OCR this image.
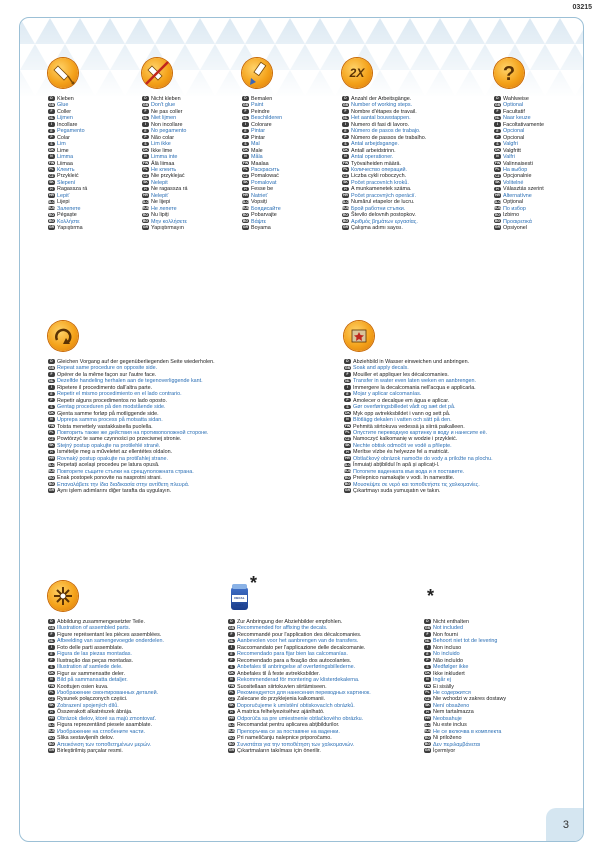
03215
D Kleben
GB Glue
F Coller
NL Lijmen
I Incollare
E Pegamento
P Colar
S Lim
DK Lime
N Limma
FIN Liimaa
PL Клеить
CZ Przykleić
SK Slepení
H Ragassza rá
HR Lepiť
SLO Lijepi
RUS Залепете
RO Pégaște
BG Κολλήστε
GR Yapıştırma
D Nicht kleben
GB Don't glue
F Ne pas coller
NL Niet lijmen
I Non incollare
E No pegamento
P Não colar
S Lim ikke
DK Ikke lime
N Limma inte
FIN Älä liimaa
PL Не клеить
CZ Nie przyklejać
SK Nelepit
H Ne ragassza rá
HR Nelepiť
SLO Ne lijepi
RUS Не лепете
RO Nu lipiți
BG Μην κολλήσετε
GR Yapıştırmayın
D Bemalen
GB Paint
F Peindre
NL Beschilderen
I Colorare
E Pintar
P Pintar
S Mal
DK Male
N Måla
FIN Maalaa
PL Раскрасить
CZ Pomalować
SK Pomalovat
H Fesse be
HR Natrieť
SLO Vopsiți
RUS Боядисайте
RO Pobarvajte
BG Βάψτε
GR Boyama
2X
D Anzahl der Arbeitsgänge.
GB Number of working steps.
F Nombre d'étapes de travail.
NL Het aantal bouwstappen.
I Numero di fasi di lavoro.
E Número de pasos de trabajo.
P Número de passos de trabalho.
S Antal arbejdsgange.
DK Antall arbeidstrinn.
N Antal operationer.
FIN Työvaiheiden määrä.
PL Количество операций.
CZ Liczba cykli roboczych.
SK Počet pracovních kroků.
H A munkamenetek száma.
HR Počet pracovných operácií.
SLO Numărul etapelor de lucru.
RUS Брой работни стъпки.
RO Število delovnih postopkov.
BG Αριθμός βημάτων εργασίας.
GR Çalışma adımı sayısı.
?
D Wahlweise
GB Optional
F Facultatif
NL Naar keuze
I Facoltativamente
E Opcional
P Opcional
S Valgfri
DK Valgfritt
N Valfri
FIN Valinnaisesti
PL На выбор
CZ Opcjonalnie
SK Volitelné
H Választás szerint
HR Alternatívne
SLO Opțional
RUS По избор
RO Izbirno
BG Προαιρετικά
GR Opsiyonel
D Gleichen Vorgang auf der gegenüberliegenden Seite wiederholen.
GB Repeat same procedure on opposite side.
F Opérer de la même façon sur l'autre face.
NL Dezelfde handeling herhalen aan de tegenoverliggende kant.
I Ripetere il procedimento dall'altra parte.
E Repetir el mismo procedimiento en el lado contrario.
P Repetir alguns procedimentos no lado oposto.
S Gentag proceduren på den modstående side.
DK Gjenta samme forløp på motliggende side.
N Upprepa samma process på motsatta sidan.
FIN Toista menettely vastakkaisella puolella.
PL Повторить также же действия на противоположной стороне.
CZ Powtórzyć te same czynności po przeciwnej stronie.
SK Stejný postup opakujte na protilehlé straně.
H Ismételje meg a műveletet az ellentétes oldalon.
HR Rovnaký postup opakujte na protiľahlej strane.
SLO Repetați același procedeu pe latura opusă.
RUS Повторете същите стъпки на срещуположната страна.
RO Enak postopek ponovite na nasprotni strani.
BG Επαναλάβετε την ίδια διαδικασία στην αντίθετη πλευρά.
GR Aynı işlem adımlarını diğer tarafta da uygulayın.
D Abziehbild in Wasser einweichen und anbringen.
GB Soak and apply decals.
F Mouiller et appliquer les décalcomanies.
NL Transfer in water even laten weken en aanbrengen.
I Immergere la decalcomania nell'acqua e applicarla.
E Mojar y aplicar calcomanías.
P Amolecer o decalque em água e aplicar.
S Gør overføringsbilledet vådt og sæt det på.
DK Myk opp avtrekksbildet i vann og sett på.
N Blötlägg dekalen i vatten och sätt på den.
FIN Pehmitä siirtokuva vedessä ja siirrä paikalleen.
PL Опустите переводную картинку в воду и нанесите её.
CZ Namoczyć kalkomanię w wodzie i przykleić.
SK Nechte obtisk odmočit ve vodě a přilepte.
H Merítse vízbe és helyezze fel a matricát.
HR Obtlačkový obrázok namočte do vody a priložte na plochu.
SLO Înmuiați abțibildul în apă și aplicați-l.
RUS Потопете ваденката във вода и я поставете.
RO Prelepnico namakajte v vodi. In namestite.
BG Μουσκέψτε σε νερό και τοποθετήστε τις χαλκομανίες.
GR Çıkartmayı suda yumuşatın ve takın.
D Abbildung zusammengesetzter Teile.
GB Illustration of assembled parts.
F Figure représentant les pièces assemblées.
NL Afbeelding van samengevoegde onderdelen.
I Foto delle parti assemblate.
E Figura de las piezas montadas.
P Ilustração das peças montadas.
S Illustration af samlede dele.
DK Figur av sammensatte deler.
N Bild på sammansatta detaljer.
FIN Koottujen osien kuva.
PL Изображение смонтированных деталей.
CZ Rysunek połączonych części.
SK Zobrazení spojených dílů.
H Összerakott alkatrészek ábrája.
HR Obrázok dielov, ktoré sa majú zmontovať.
SLO Figura reprezentând piesele asamblate.
RUS Изображение на сглобените части.
RO Slika sestavljenih delov.
BG Απεικόνιση των τοποθετημένων μερών.
GR Birleştirilmiş parçalar resmi.
DECAL SOFT
*
D Zur Anbringung der Abziehbilder empfohlen.
GB Recommended for affixing the decals.
F Recommandé pour l'application des décalcomanies.
NL Aanbevolen voor het aanbrengen van de transfers.
I Raccomandato per l'applicazione delle decalcomanie.
E Recomendado para fijar bien las calcomanías.
P Recomendado para a fixação dos autocolantes.
S Anbefales til anbringelse af overføringsbillederne.
DK Anbefales til å feste avtrekksbilder.
N Rekommenderad för montering av klisterdekalerna.
FIN Suositellaan siirtokuvien siirtämiseen.
PL Рекомендуется для нанесения переводных картинок.
CZ Zalecane do przyklejenia kalkomanii.
SK Doporučujeme k umístění obtiskovacích obrázků.
H A matrica felhelyezéséhez ajánlható.
HR Odporúča sa pre umiestnenie obtlačkového obrázku.
SLO Recomandat pentru aplicarea abțibildurilor.
RUS Препоръчва се за поставяне на ваденки.
RO Pri nameščanju nalepnice priporočamo.
BG Συνιστάται για την τοποθέτηση των χαλκομανιών.
GR Çıkartmaların takılması için önerilir.
*
D Nicht enthalten
GB Not included
F Non fourni
NL Behoort niet tot de levering
I Non incluso
E No incluido
P Não incluído
S Medfølger ikke
DK Ikke inkludert
N Ingår ej
FIN Ei sisälly
PL Не содержится
CZ Nie wchodzi w zakres dostawy
SK Není obsaženo
H Nem tartalmazza
HR Neobsahuje
SLO Nu este inclus
RUS Не се включва в комплекта
RO Ni priloženo
BG Δεν περιλαμβάνεται
GR İçermiyor
3
